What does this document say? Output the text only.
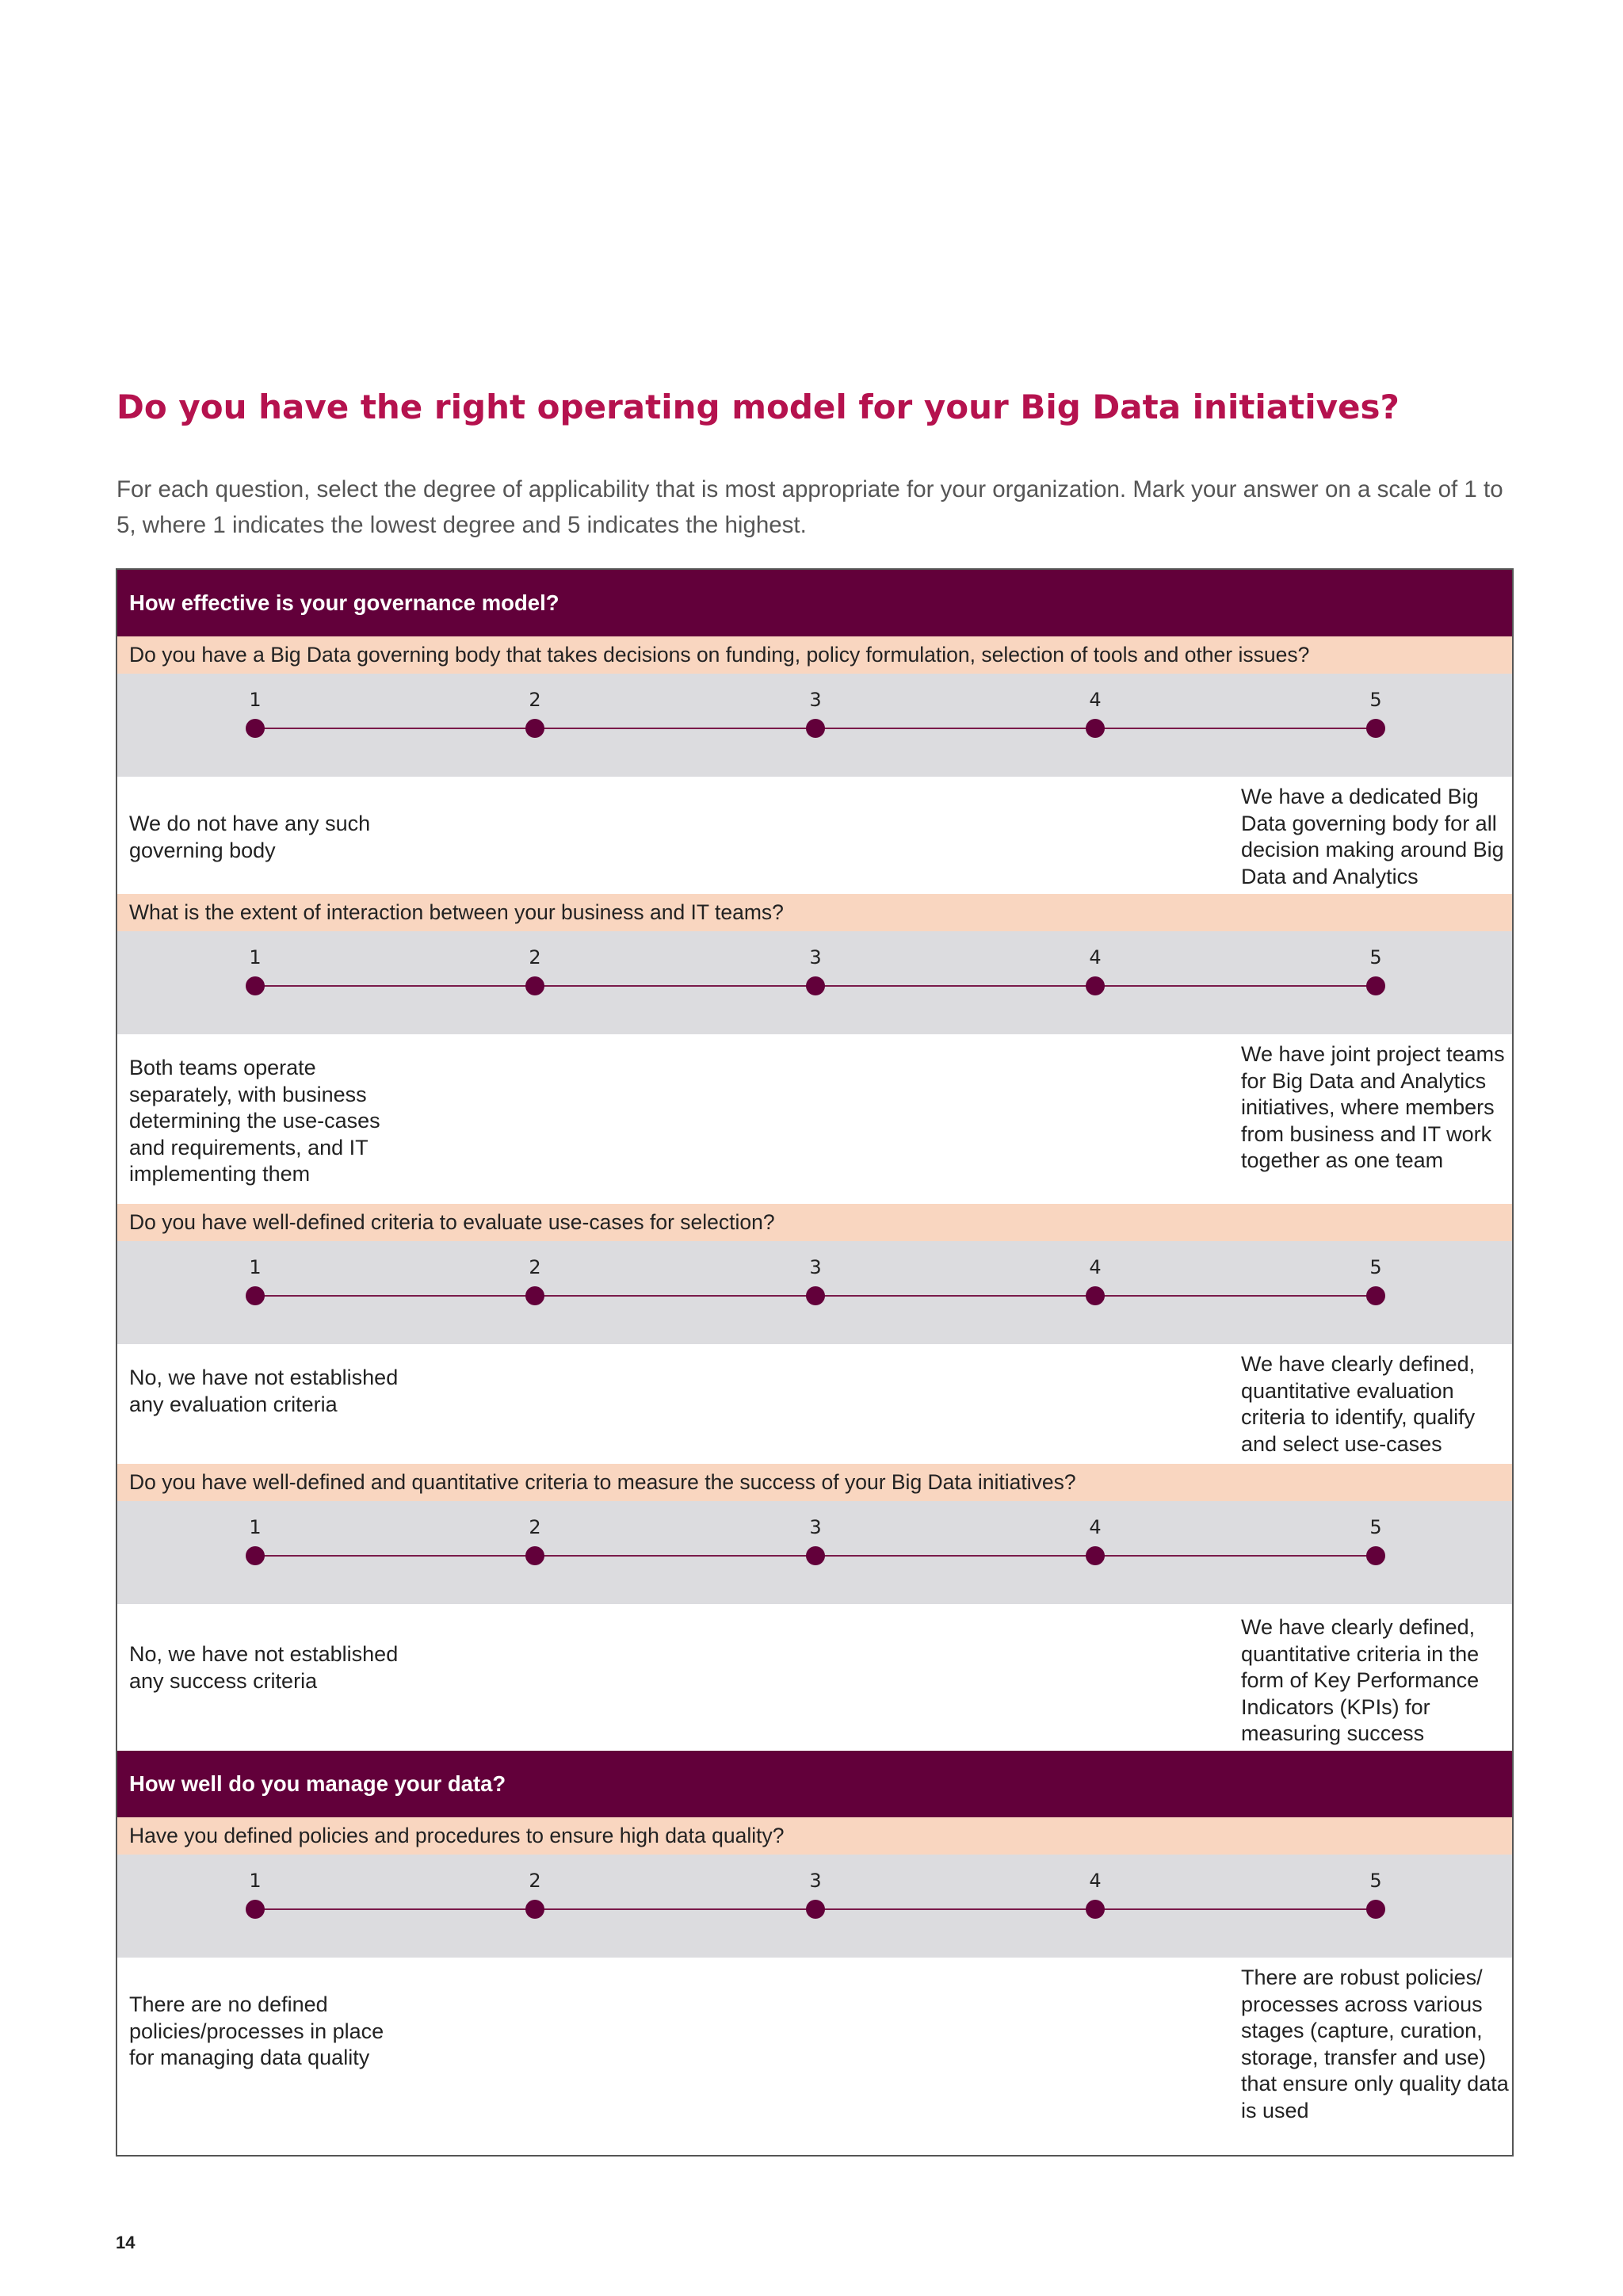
Do you have the right operating model for your Big Data initiatives?

For each question, select the degree of applicability that is most appropriate for your organization. Mark your answer on a scale of 1 to 5, where 1 indicates the lowest degree and 5 indicates the highest.

How effective is your governance model?
Do you have a Big Data governing body that takes decisions on funding, policy formulation, selection of tools and other issues?
1	2	3	4	5
We do not have any such governing body
We have a dedicated Big Data governing body for all decision making around Big Data and Analytics
What is the extent of interaction between your business and IT teams?
1	2	3	4	5
Both teams operate separately, with business determining the use-cases and requirements, and IT implementing them
We have joint project teams for Big Data and Analytics initiatives, where members from business and IT work together as one team
Do you have well-defined criteria to evaluate use-cases for selection?
1	2	3	4	5
No, we have not established any evaluation criteria
We have clearly defined, quantitative evaluation criteria to identify, qualify and select use-cases
Do you have well-defined and quantitative criteria to measure the success of your Big Data initiatives?
1	2	3	4	5
No, we have not established any success criteria
We have clearly defined, quantitative criteria in the form of Key Performance Indicators (KPIs) for measuring success
How well do you manage your data?
Have you defined policies and procedures to ensure high data quality?
1	2	3	4	5
There are no defined policies/processes in place for managing data quality
There are robust policies/ processes across various stages (capture, curation, storage, transfer and use) that ensure only quality data is used
14
